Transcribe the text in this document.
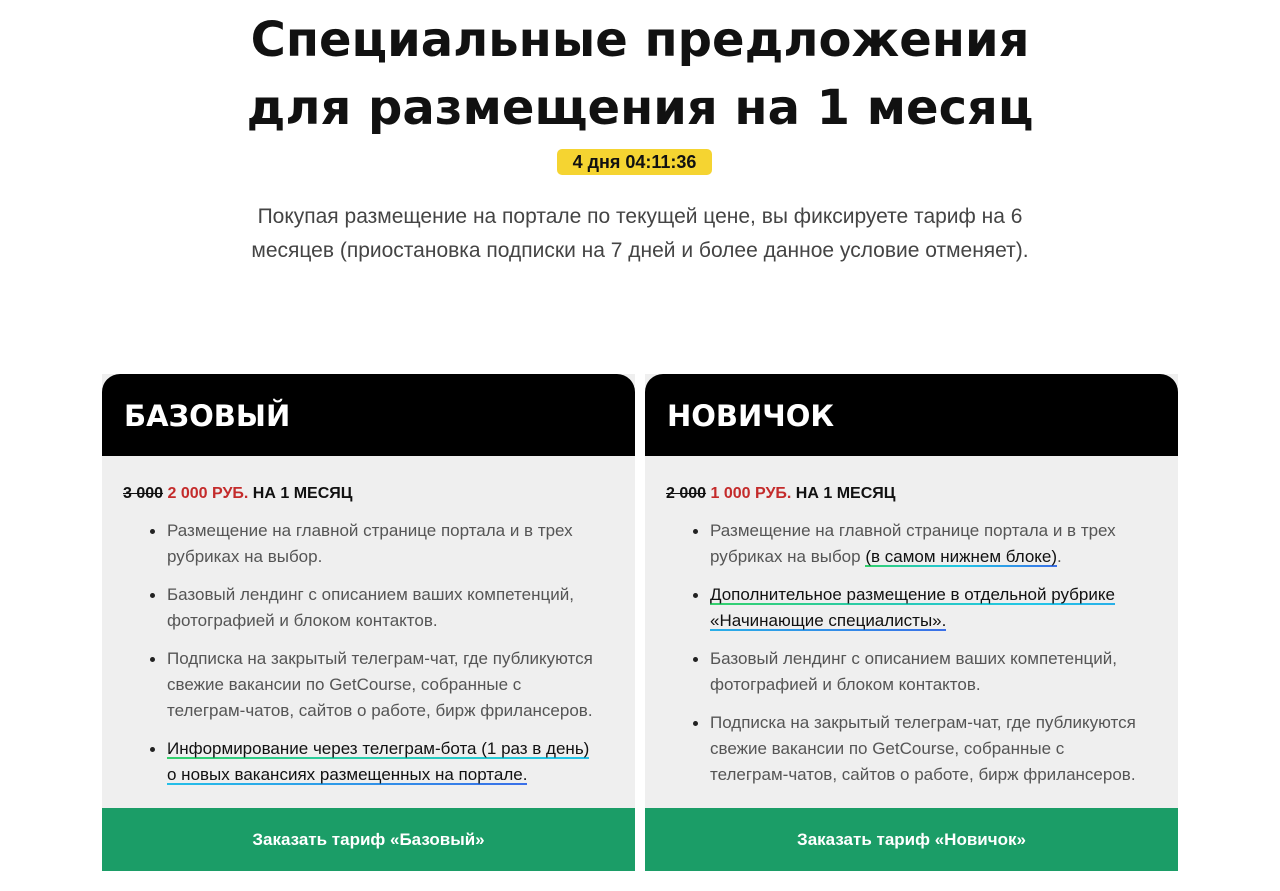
Специальные предложения
для размещения на 1 месяц
4 дня 04:11:36

Покупая размещение на портале по текущей цене, вы фиксируете тариф на 6 месяцев (приостановка подписки на 7 дней и более данное условие отменяет).

БАЗОВЫЙ
3 000 2 000 РУБ. НА 1 МЕСЯЦ
Размещение на главной странице портала и в трех рубриках на выбор.
Базовый лендинг с описанием ваших компетенций, фотографией и блоком контактов.
Подписка на закрытый телеграм-чат, где публикуются свежие вакансии по GetCourse, собранные с телеграм-чатов, сайтов о работе, бирж фрилансеров.
Информирование через телеграм-бота (1 раз в день) о новых вакансиях размещенных на портале.
Заказать тариф «Базовый»
НОВИЧОК
2 000 1 000 РУБ. НА 1 МЕСЯЦ
Размещение на главной странице портала и в трех рубриках на выбор (в самом нижнем блоке).
Дополнительное размещение в отдельной рубрике «Начинающие специалисты».
Базовый лендинг с описанием ваших компетенций, фотографией и блоком контактов.
Подписка на закрытый телеграм-чат, где публикуются свежие вакансии по GetCourse, собранные с телеграм-чатов, сайтов о работе, бирж фрилансеров.
Заказать тариф «Новичок»
